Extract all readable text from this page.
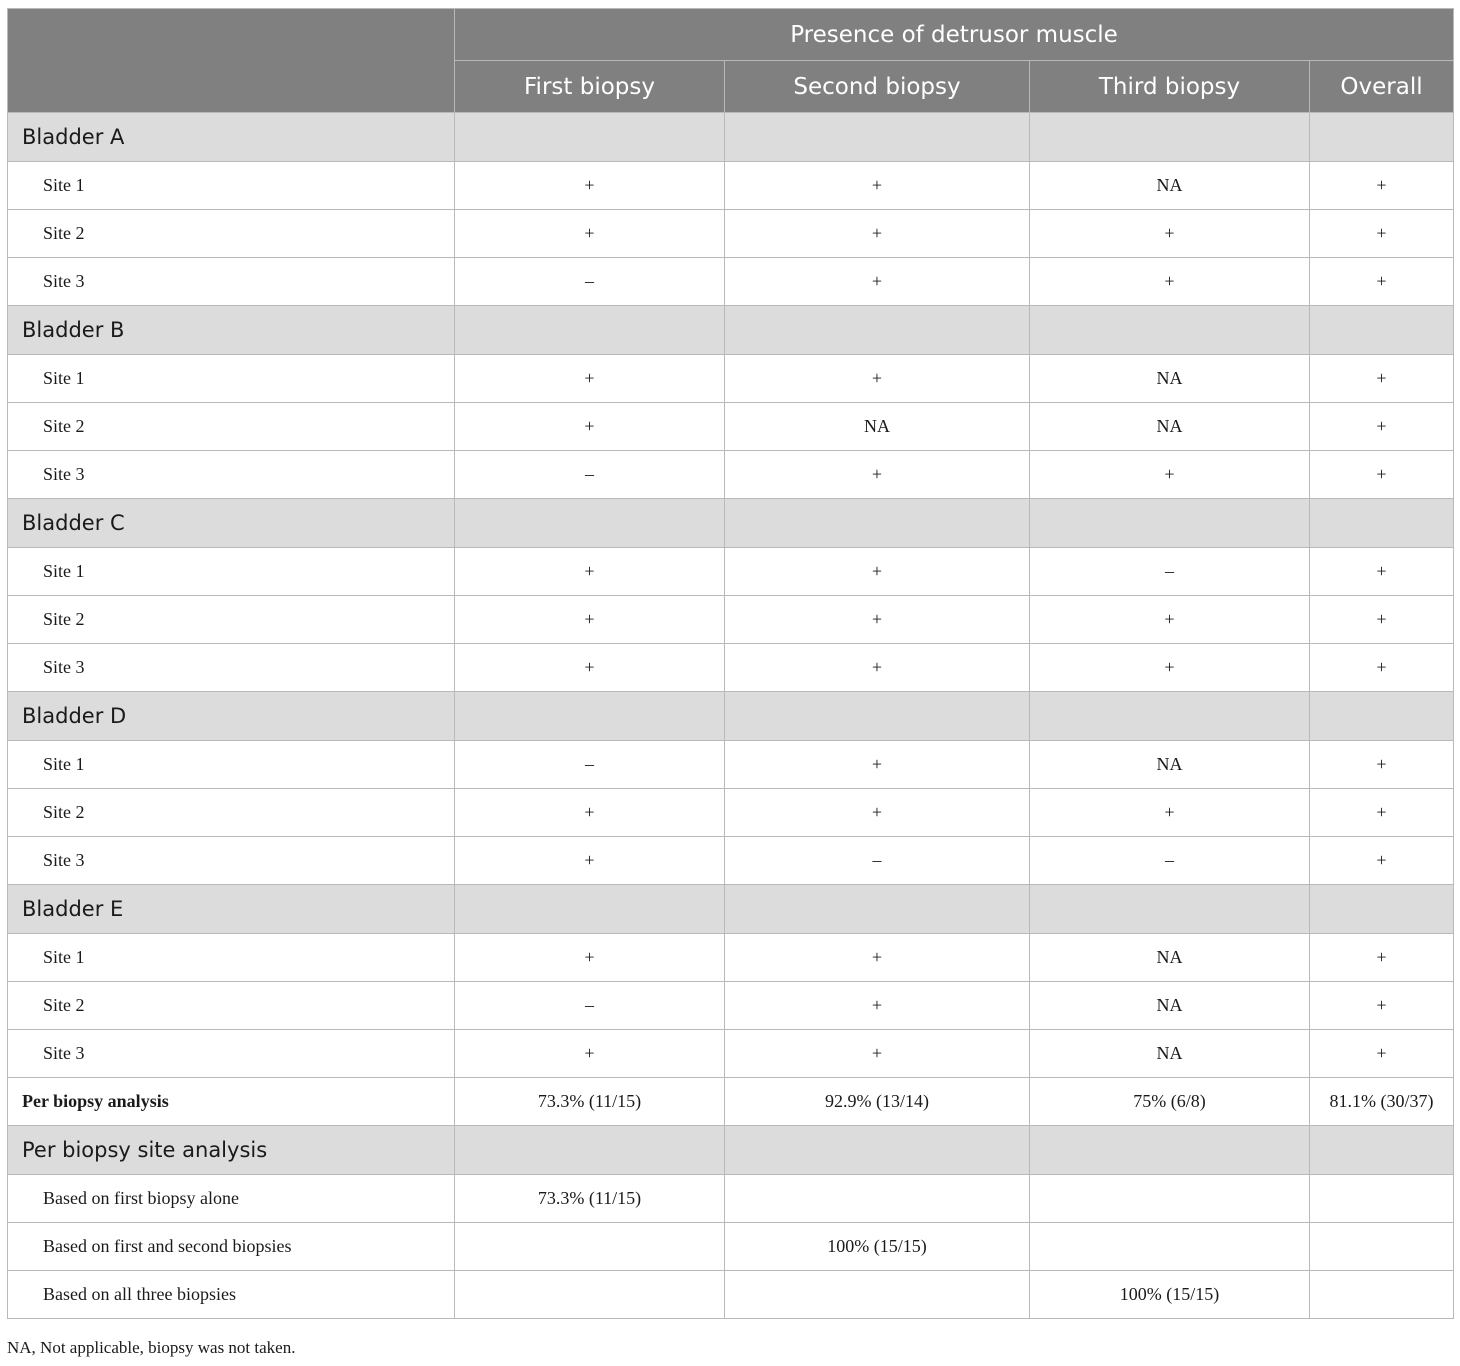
	Presence of detrusor muscle			
	First biopsy	Second biopsy	Third biopsy	Overall
Bladder A				
Site 1	+	+	NA	+
Site 2	+	+	+	+
Site 3	–	+	+	+
Bladder B				
Site 1	+	+	NA	+
Site 2	+	NA	NA	+
Site 3	–	+	+	+
Bladder C				
Site 1	+	+	–	+
Site 2	+	+	+	+
Site 3	+	+	+	+
Bladder D				
Site 1	–	+	NA	+
Site 2	+	+	+	+
Site 3	+	–	–	+
Bladder E				
Site 1	+	+	NA	+
Site 2	–	+	NA	+
Site 3	+	+	NA	+
Per biopsy analysis	73.3% (11/15)	92.9% (13/14)	75% (6/8)	81.1% (30/37)
Per biopsy site analysis				
Based on first biopsy alone	73.3% (11/15)			
Based on first and second biopsies		100% (15/15)		
Based on all three biopsies			100% (15/15)	
NA, Not applicable, biopsy was not taken.
